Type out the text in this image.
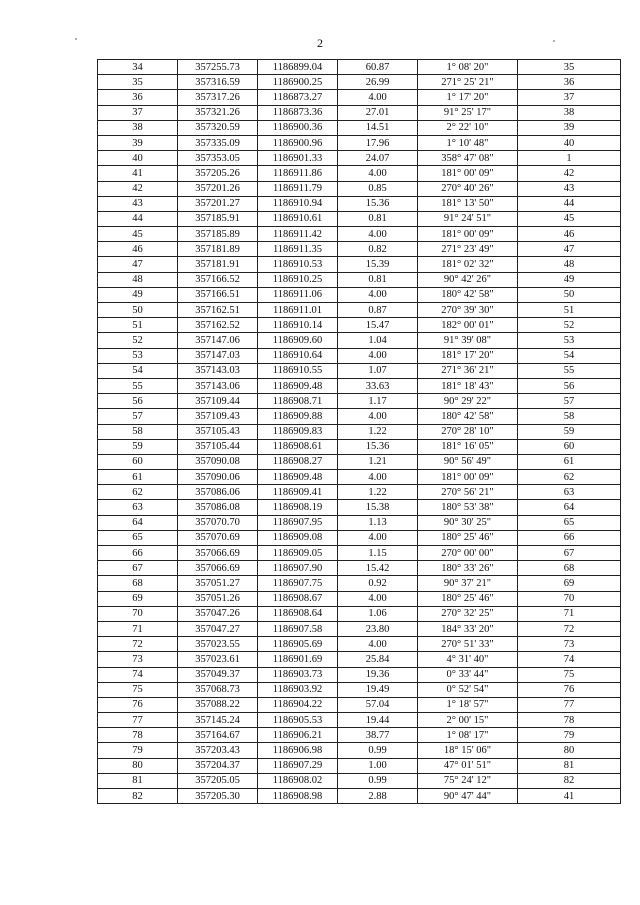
2
34	357255.73	1186899.04	60.87	1° 08' 20"	35
35	357316.59	1186900.25	26.99	271° 25' 21"	36
36	357317.26	1186873.27	4.00	1° 17' 20"	37
37	357321.26	1186873.36	27.01	91° 25' 17"	38
38	357320.59	1186900.36	14.51	2° 22' 10"	39
39	357335.09	1186900.96	17.96	1° 10' 48"	40
40	357353.05	1186901.33	24.07	358° 47' 08"	1
41	357205.26	1186911.86	4.00	181° 00' 09"	42
42	357201.26	1186911.79	0.85	270° 40' 26"	43
43	357201.27	1186910.94	15.36	181° 13' 50"	44
44	357185.91	1186910.61	0.81	91° 24' 51"	45
45	357185.89	1186911.42	4.00	181° 00' 09"	46
46	357181.89	1186911.35	0.82	271° 23' 49"	47
47	357181.91	1186910.53	15.39	181° 02' 32"	48
48	357166.52	1186910.25	0.81	90° 42' 26"	49
49	357166.51	1186911.06	4.00	180° 42' 58"	50
50	357162.51	1186911.01	0.87	270° 39' 30"	51
51	357162.52	1186910.14	15.47	182° 00' 01"	52
52	357147.06	1186909.60	1.04	91° 39' 08"	53
53	357147.03	1186910.64	4.00	181° 17' 20"	54
54	357143.03	1186910.55	1.07	271° 36' 21"	55
55	357143.06	1186909.48	33.63	181° 18' 43"	56
56	357109.44	1186908.71	1.17	90° 29' 22"	57
57	357109.43	1186909.88	4.00	180° 42' 58"	58
58	357105.43	1186909.83	1.22	270° 28' 10"	59
59	357105.44	1186908.61	15.36	181° 16' 05"	60
60	357090.08	1186908.27	1.21	90° 56' 49"	61
61	357090.06	1186909.48	4.00	181° 00' 09"	62
62	357086.06	1186909.41	1.22	270° 56' 21"	63
63	357086.08	1186908.19	15.38	180° 53' 38"	64
64	357070.70	1186907.95	1.13	90° 30' 25"	65
65	357070.69	1186909.08	4.00	180° 25' 46"	66
66	357066.69	1186909.05	1.15	270° 00' 00"	67
67	357066.69	1186907.90	15.42	180° 33' 26"	68
68	357051.27	1186907.75	0.92	90° 37' 21"	69
69	357051.26	1186908.67	4.00	180° 25' 46"	70
70	357047.26	1186908.64	1.06	270° 32' 25"	71
71	357047.27	1186907.58	23.80	184° 33' 20"	72
72	357023.55	1186905.69	4.00	270° 51' 33"	73
73	357023.61	1186901.69	25.84	4° 31' 40"	74
74	357049.37	1186903.73	19.36	0° 33' 44"	75
75	357068.73	1186903.92	19.49	0° 52' 54"	76
76	357088.22	1186904.22	57.04	1° 18' 57"	77
77	357145.24	1186905.53	19.44	2° 00' 15"	78
78	357164.67	1186906.21	38.77	1° 08' 17"	79
79	357203.43	1186906.98	0.99	18° 15' 06"	80
80	357204.37	1186907.29	1.00	47° 01' 51"	81
81	357205.05	1186908.02	0.99	75° 24' 12"	82
82	357205.30	1186908.98	2.88	90° 47' 44"	41
